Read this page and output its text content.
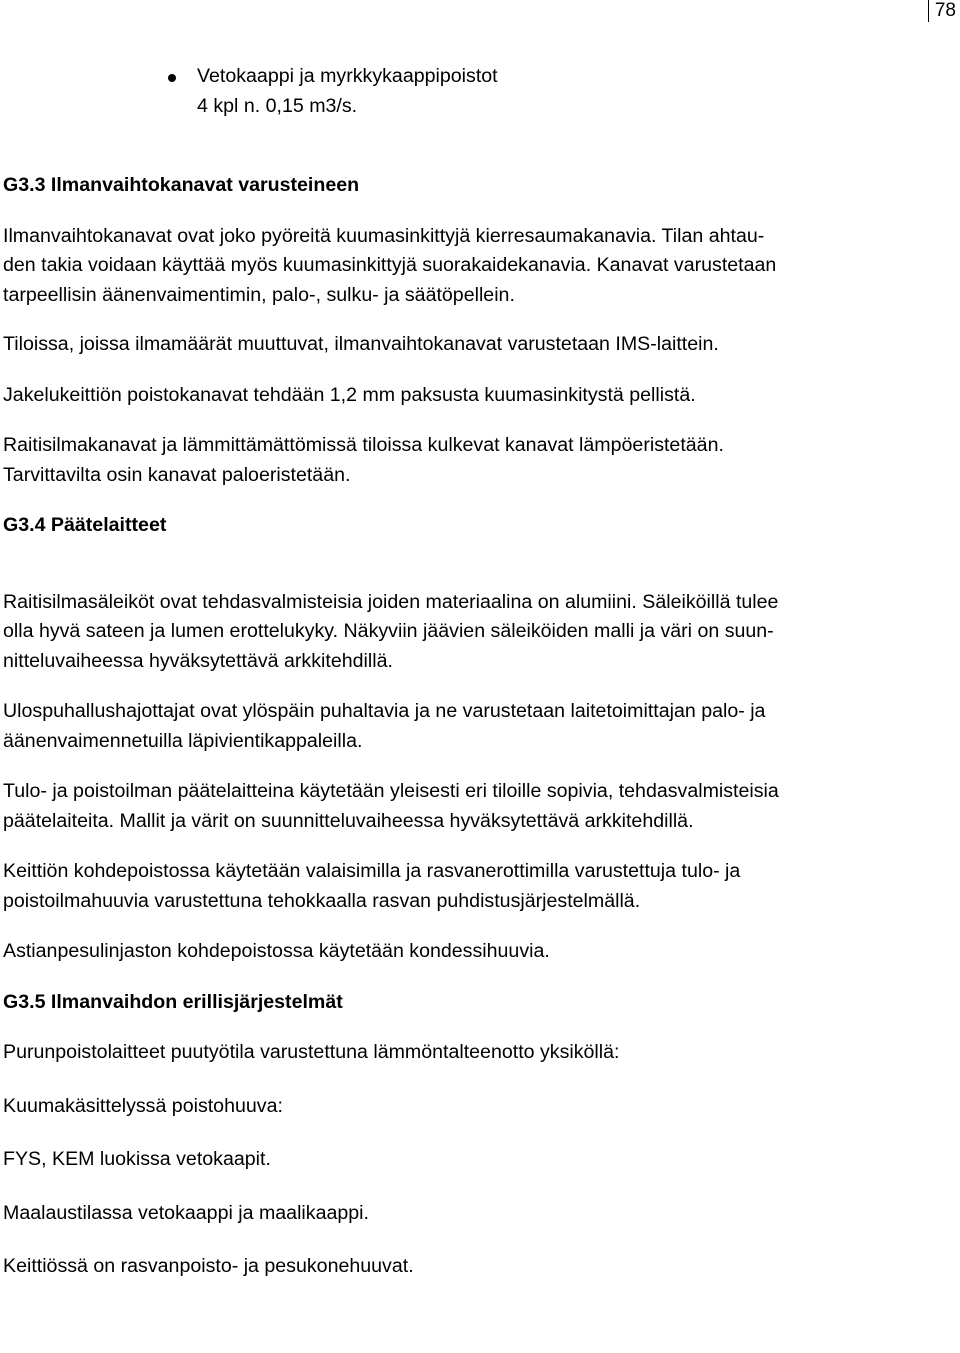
78
Vetokaappi ja myrkkykaappipoistot
4 kpl n. 0,15 m3/s.
G3.3 Ilmanvaihtokanavat varusteineen

Ilmanvaihtokanavat ovat joko pyöreitä kuumasinkittyjä kierresaumakanavia. Tilan ahtau-
den takia voidaan käyttää myös kuumasinkittyjä suorakaidekanavia. Kanavat varustetaan
tarpeellisin äänenvaimentimin, palo-, sulku- ja säätöpellein.

Tiloissa, joissa ilmamäärät muuttuvat, ilmanvaihtokanavat varustetaan IMS-laittein.

Jakelukeittiön poistokanavat tehdään 1,2 mm paksusta kuumasinkitystä pellistä.

Raitisilmakanavat ja lämmittämättömissä tiloissa kulkevat kanavat lämpöeristetään.
Tarvittavilta osin kanavat paloeristetään.

G3.4 Päätelaitteet

Raitisilmasäleiköt ovat tehdasvalmisteisia joiden materiaalina on alumiini. Säleiköillä tulee
olla hyvä sateen ja lumen erottelukyky. Näkyviin jäävien säleiköiden malli ja väri on suun-
nitteluvaiheessa hyväksytettävä arkkitehdillä.

Ulospuhallushajottajat ovat ylöspäin puhaltavia ja ne varustetaan laitetoimittajan palo- ja
äänenvaimennetuilla läpivientikappaleilla.

Tulo- ja poistoilman päätelaitteina käytetään yleisesti eri tiloille sopivia, tehdasvalmisteisia
päätelaiteita. Mallit ja värit on suunnitteluvaiheessa hyväksytettävä arkkitehdillä.

Keittiön kohdepoistossa käytetään valaisimilla ja rasvanerottimilla varustettuja tulo- ja
poistoilmahuuvia varustettuna tehokkaalla rasvan puhdistusjärjestelmällä.

Astianpesulinjaston kohdepoistossa käytetään kondessihuuvia.

G3.5 Ilmanvaihdon erillisjärjestelmät

Purunpoistolaitteet puutyötila varustettuna lämmöntalteenotto yksiköllä:

Kuumakäsittelyssä poistohuuva:

FYS, KEM luokissa vetokaapit.

Maalaustilassa vetokaappi ja maalikaappi.

Keittiössä on rasvanpoisto- ja pesukonehuuvat.
